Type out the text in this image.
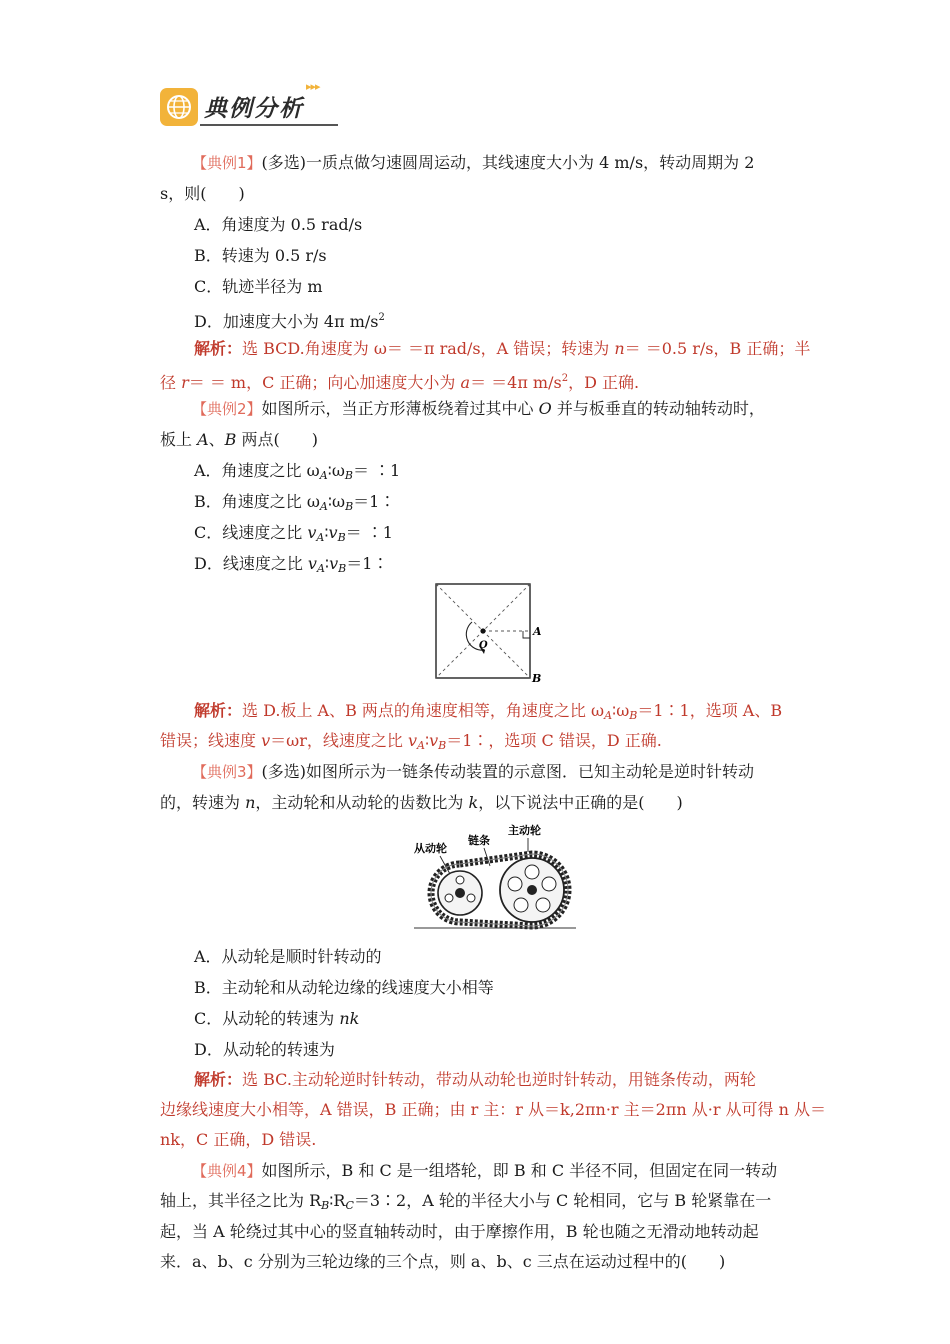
典例分析
▸▸▸
【典例1】(多选)一质点做匀速圆周运动，其线速度大小为 4 m/s，转动周期为 2
s，则(　　)
A．角速度为 0.5 rad/s
B．转速为 0.5 r/s
C．轨迹半径为 m
D．加速度大小为 4π $m/s^2$
解析：选 BCD.角速度为 ω＝ ＝π rad/s，A 错误；转速为 n＝ ＝0.5 r/s，B 正确；半
径 r＝ ＝ m，C 正确；向心加速度大小为 a＝ ＝4π $m/s^2$，D 正确.
【典例2】如图所示，当正方形薄板绕着过其中心 O 并与板垂直的转动轴转动时，
板上 A、B 两点(　　)
A．角速度之比 ωA∶ωB＝ ∶1
B．角速度之比 ωA∶ωB＝1∶
C．线速度之比 vA∶vB＝ ∶1
D．线速度之比 vA∶vB＝1∶
A
B
O
解析：选 D.板上 A、B 两点的角速度相等，角速度之比 ωA∶ωB＝1∶1，选项 A、B
错误；线速度 v＝ωr，线速度之比 vA∶vB＝1∶，选项 C 错误，D 正确.
【典例3】(多选)如图所示为一链条传动装置的示意图．已知主动轮是逆时针转动
的，转速为 n，主动轮和从动轮的齿数比为 k，以下说法中正确的是(　　)
从动轮
链条
主动轮
A．从动轮是顺时针转动的
B．主动轮和从动轮边缘的线速度大小相等
C．从动轮的转速为 nk
D．从动轮的转速为
解析：选 BC.主动轮逆时针转动，带动从动轮也逆时针转动，用链条传动，两轮
边缘线速度大小相等，A 错误，B 正确；由 r 主：r 从＝k,2πn·r 主＝2πn 从·r 从可得 n 从＝
nk，C 正确，D 错误.
【典例4】如图所示，B 和 C 是一组塔轮，即 B 和 C 半径不同，但固定在同一转动
轴上，其半径之比为 RB∶RC＝3∶2，A 轮的半径大小与 C 轮相同，它与 B 轮紧靠在一
起，当 A 轮绕过其中心的竖直轴转动时，由于摩擦作用，B 轮也随之无滑动地转动起
来．a、b、c 分别为三轮边缘的三个点，则 a、b、c 三点在运动过程中的(　　)
